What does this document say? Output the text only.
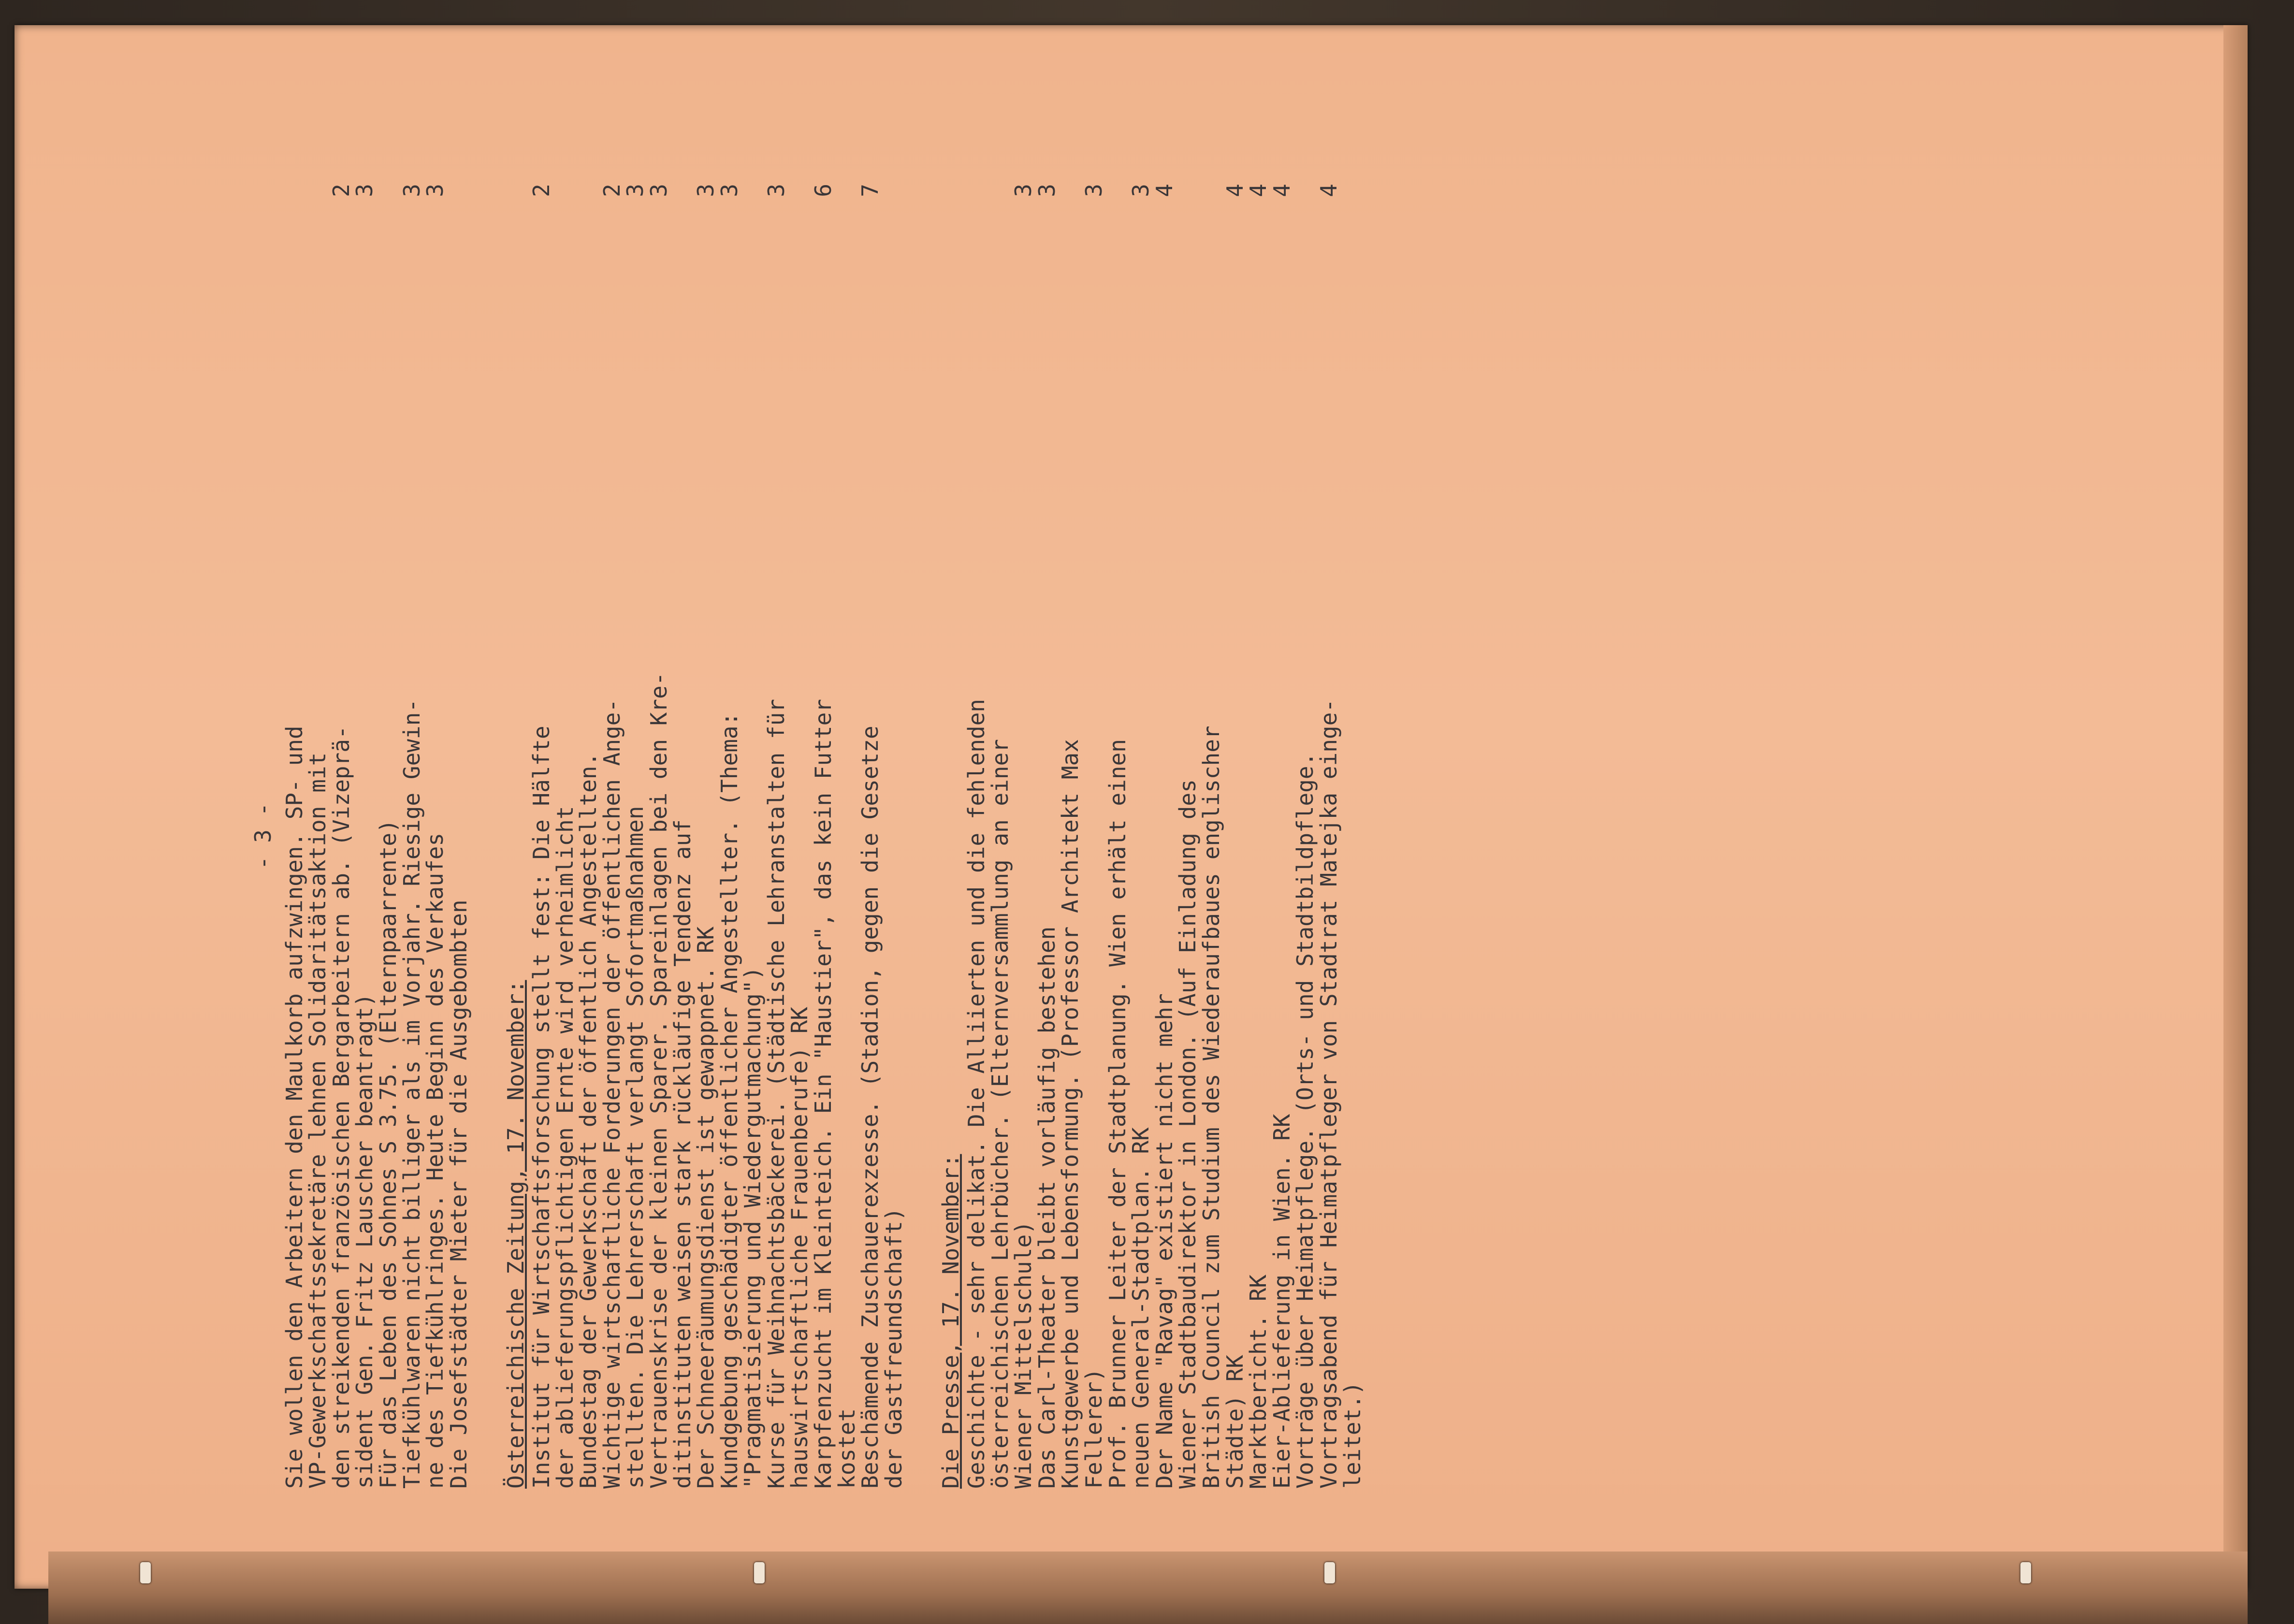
- 3 - Sie wollen den Arbeitern den Maulkorb aufzwingen. SP- und
VP-Gewerkschaftssekretäre lehnen Solidaritätsaktion mit
den streikenden französischen Bergarbeitern ab. (Vizeprä-
2
sident Gen. Fritz Lauscher beantragt)
3
Für das Leben des Sohnes S 3.75. (Elternpaarrente)
Tiefkühlwaren nicht billiger als im Vorjahr. Riesige Gewin-
3
ne des Tiefkühlringes. Heute Beginn des Verkaufes
3
Die Josefstädter Mieter für die Ausgebombten Österreichische Zeitung, 17. November:
Institut für Wirtschaftsforschung stellt fest: Die Hälfte
2
der ablieferungspflichtigen Ernte wird verheimlicht
Bundestag der Gewerkschaft der öffentlich Angestellten.
Wichtige wirtschaftliche Forderungen der öffentlichen Ange-
2
stellten. Die Lehrerschaft verlangt Sofortmaßnahmen
3
Vertrauenskrise der kleinen Sparer. Spareinlagen bei den Kre-
3
ditinstituten weisen stark rückläufige Tendenz auf
Der Schneeräumungsdienst ist gewappnet. RK
3
Kundgebung geschädigter öffentlicher Angestellter. (Thema:
3
"Pragmatisierung und Wiedergutmachung")
Kurse für Weihnachtsbäckerei. (Städtische Lehranstalten für
3
hauswirtschaftliche Frauenberufe) RK
Karpfenzucht im Kleinteich. Ein "Haustier", das kein Futter
6
kostet
Beschämende Zuschauerexzesse. (Stadion, gegen die Gesetze
7
der Gastfreundschaft) Die Presse, 17. November:
Geschichte - sehr delikat. Die Alliierten und die fehlenden
österreichischen Lehrbücher. (Elternversammlung an einer
Wiener Mittelschule)
3
Das Carl-Theater bleibt vorläufig bestehen
3
Kunstgewerbe und Lebensformung. (Professor Architekt Max
Fellerer)
3
Prof. Brunner Leiter der Stadtplanung. Wien erhält einen
neuen General-Stadtplan. RK
3
Der Name "Ravag" existiert nicht mehr
4
Wiener Stadtbaudirektor in London. (Auf Einladung des
British Council zum Studium des Wiederaufbaues englischer
Städte) RK
4
Marktbericht. RK
4
Eier-Ablieferung in Wien. RK
4
Vorträge über Heimatpflege. (Orts- und Stadtbildpflege.
Vortragsabend für Heimatpfleger von Stadtrat Matejka einge-
4
leitet.)
